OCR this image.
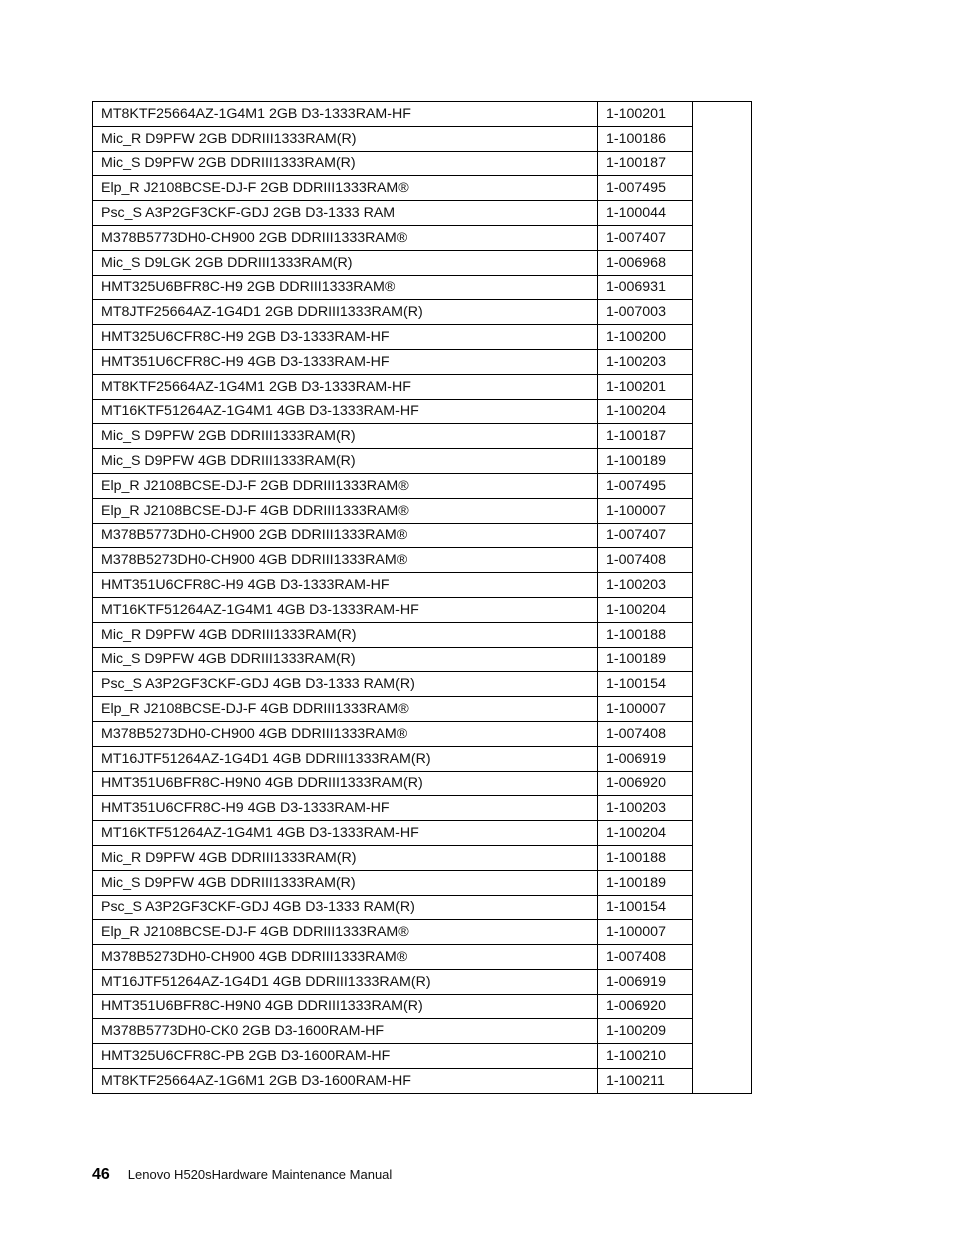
MT8KTF25664AZ-1G4M1 2GB D3-1333RAM-HF	1-100201	
Mic_R D9PFW 2GB DDRIII1333RAM(R)	1-100186	
Mic_S D9PFW 2GB DDRIII1333RAM(R)	1-100187	
Elp_R J2108BCSE-DJ-F 2GB DDRIII1333RAM®	1-007495	
Psc_S A3P2GF3CKF-GDJ 2GB D3-1333 RAM	1-100044	
M378B5773DH0-CH900 2GB DDRIII1333RAM®	1-007407	
Mic_S D9LGK 2GB DDRIII1333RAM(R)	1-006968	
HMT325U6BFR8C-H9 2GB DDRIII1333RAM®	1-006931	
MT8JTF25664AZ-1G4D1 2GB DDRIII1333RAM(R)	1-007003	
HMT325U6CFR8C-H9 2GB D3-1333RAM-HF	1-100200	
HMT351U6CFR8C-H9 4GB D3-1333RAM-HF	1-100203	
MT8KTF25664AZ-1G4M1 2GB D3-1333RAM-HF	1-100201	
MT16KTF51264AZ-1G4M1 4GB D3-1333RAM-HF	1-100204	
Mic_S D9PFW 2GB DDRIII1333RAM(R)	1-100187	
Mic_S D9PFW 4GB DDRIII1333RAM(R)	1-100189	
Elp_R J2108BCSE-DJ-F 2GB DDRIII1333RAM®	1-007495	
Elp_R J2108BCSE-DJ-F 4GB DDRIII1333RAM®	1-100007	
M378B5773DH0-CH900 2GB DDRIII1333RAM®	1-007407	
M378B5273DH0-CH900 4GB DDRIII1333RAM®	1-007408	
HMT351U6CFR8C-H9 4GB D3-1333RAM-HF	1-100203	
MT16KTF51264AZ-1G4M1 4GB D3-1333RAM-HF	1-100204	
Mic_R D9PFW 4GB DDRIII1333RAM(R)	1-100188	
Mic_S D9PFW 4GB DDRIII1333RAM(R)	1-100189	
Psc_S A3P2GF3CKF-GDJ 4GB D3-1333 RAM(R)	1-100154	
Elp_R J2108BCSE-DJ-F 4GB DDRIII1333RAM®	1-100007	
M378B5273DH0-CH900 4GB DDRIII1333RAM®	1-007408	
MT16JTF51264AZ-1G4D1 4GB DDRIII1333RAM(R)	1-006919	
HMT351U6BFR8C-H9N0 4GB DDRIII1333RAM(R)	1-006920	
HMT351U6CFR8C-H9 4GB D3-1333RAM-HF	1-100203	
MT16KTF51264AZ-1G4M1 4GB D3-1333RAM-HF	1-100204	
Mic_R D9PFW 4GB DDRIII1333RAM(R)	1-100188	
Mic_S D9PFW 4GB DDRIII1333RAM(R)	1-100189	
Psc_S A3P2GF3CKF-GDJ 4GB D3-1333 RAM(R)	1-100154	
Elp_R J2108BCSE-DJ-F 4GB DDRIII1333RAM®	1-100007	
M378B5273DH0-CH900 4GB DDRIII1333RAM®	1-007408	
MT16JTF51264AZ-1G4D1 4GB DDRIII1333RAM(R)	1-006919	
HMT351U6BFR8C-H9N0 4GB DDRIII1333RAM(R)	1-006920	
M378B5773DH0-CK0 2GB D3-1600RAM-HF	1-100209	
HMT325U6CFR8C-PB 2GB D3-1600RAM-HF	1-100210	
MT8KTF25664AZ-1G6M1 2GB D3-1600RAM-HF	1-100211	
46 Lenovo H520sHardware Maintenance Manual
